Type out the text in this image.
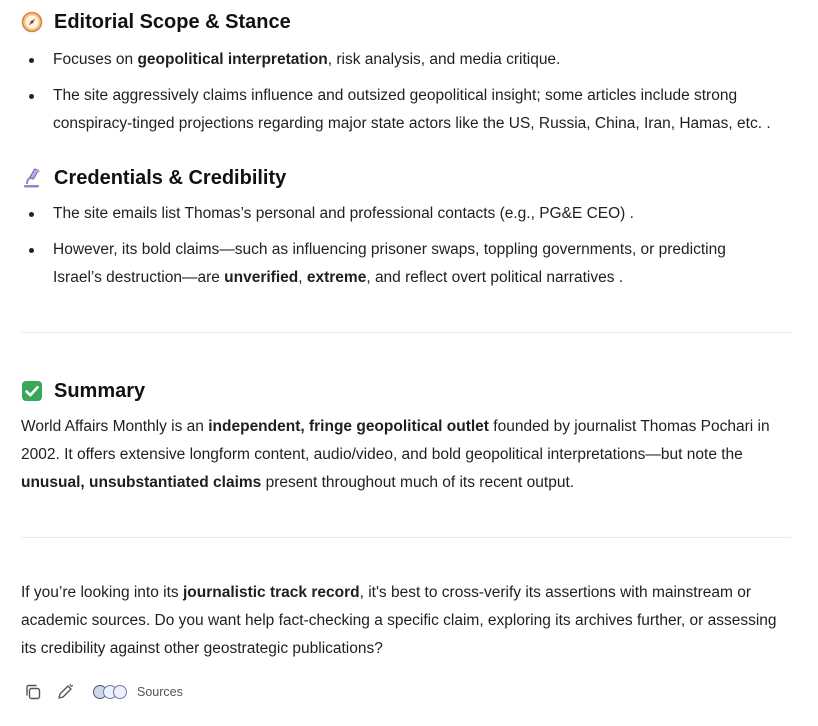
Editorial Scope & Stance
Focuses on geopolitical interpretation, risk analysis, and media critique.
The site aggressively claims influence and outsized geopolitical insight; some articles include strong
conspiracy‑tinged projections regarding major state actors like the US, Russia, China, Iran, Hamas, etc. .
Credentials & Credibility
The site emails list Thomas’s personal and professional contacts (e.g., PG&E CEO) .
However, its bold claims—such as influencing prisoner swaps, toppling governments, or predicting
Israel’s destruction—are unverified, extreme, and reflect overt political narratives .
Summary

World Affairs Monthly is an independent, fringe geopolitical outlet founded by journalist Thomas Pochari in
2002. It offers extensive longform content, audio/video, and bold geopolitical interpretations—but note the
unusual, unsubstantiated claims present throughout much of its recent output.

If you’re looking into its journalistic track record, it's best to cross‑verify its assertions with mainstream or
academic sources. Do you want help fact‑checking a specific claim, exploring its archives further, or assessing
its credibility against other geostrategic publications?

Sources
